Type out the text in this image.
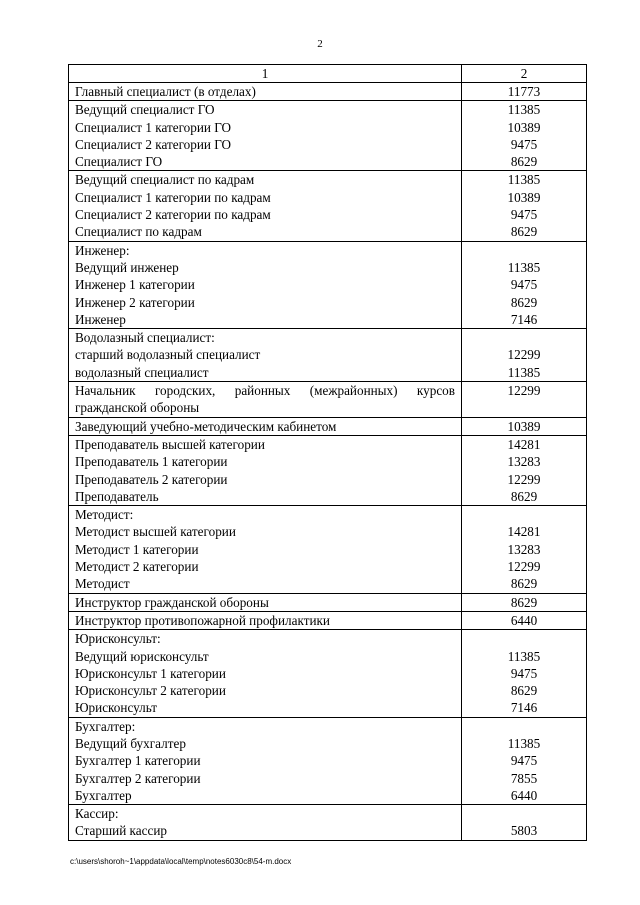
2
1	2
Главный специалист (в отделах)	11773
Ведущий специалист ГО	11385
Специалист 1 категории ГО	10389
Специалист 2 категории ГО	9475
Специалист ГО	8629
Ведущий специалист по кадрам	11385
Специалист 1 категории по кадрам	10389
Специалист 2 категории по кадрам	9475
Специалист по кадрам	8629
Инженер:	
Ведущий инженер	11385
Инженер 1 категории	9475
Инженер 2 категории	8629
Инженер	7146
Водолазный специалист:	
старший водолазный специалист	12299
водолазный специалист	11385
Начальник городских, районных (межрайонных) курсов гражданской обороны	12299
Заведующий учебно-методическим кабинетом	10389
Преподаватель высшей категории	14281
Преподаватель 1 категории	13283
Преподаватель 2 категории	12299
Преподаватель	8629
Методист:	
Методист высшей категории	14281
Методист 1 категории	13283
Методист 2 категории	12299
Методист	8629
Инструктор гражданской обороны	8629
Инструктор противопожарной профилактики	6440
Юрисконсульт:	
Ведущий юрисконсульт	11385
Юрисконсульт 1 категории	9475
Юрисконсульт 2 категории	8629
Юрисконсульт	7146
Бухгалтер:	
Ведущий бухгалтер	11385
Бухгалтер 1 категории	9475
Бухгалтер 2 категории	7855
Бухгалтер	6440
Кассир:	
Старший кассир	5803
c:\users\shoroh~1\appdata\local\temp\notes6030c8\54-m.docx
